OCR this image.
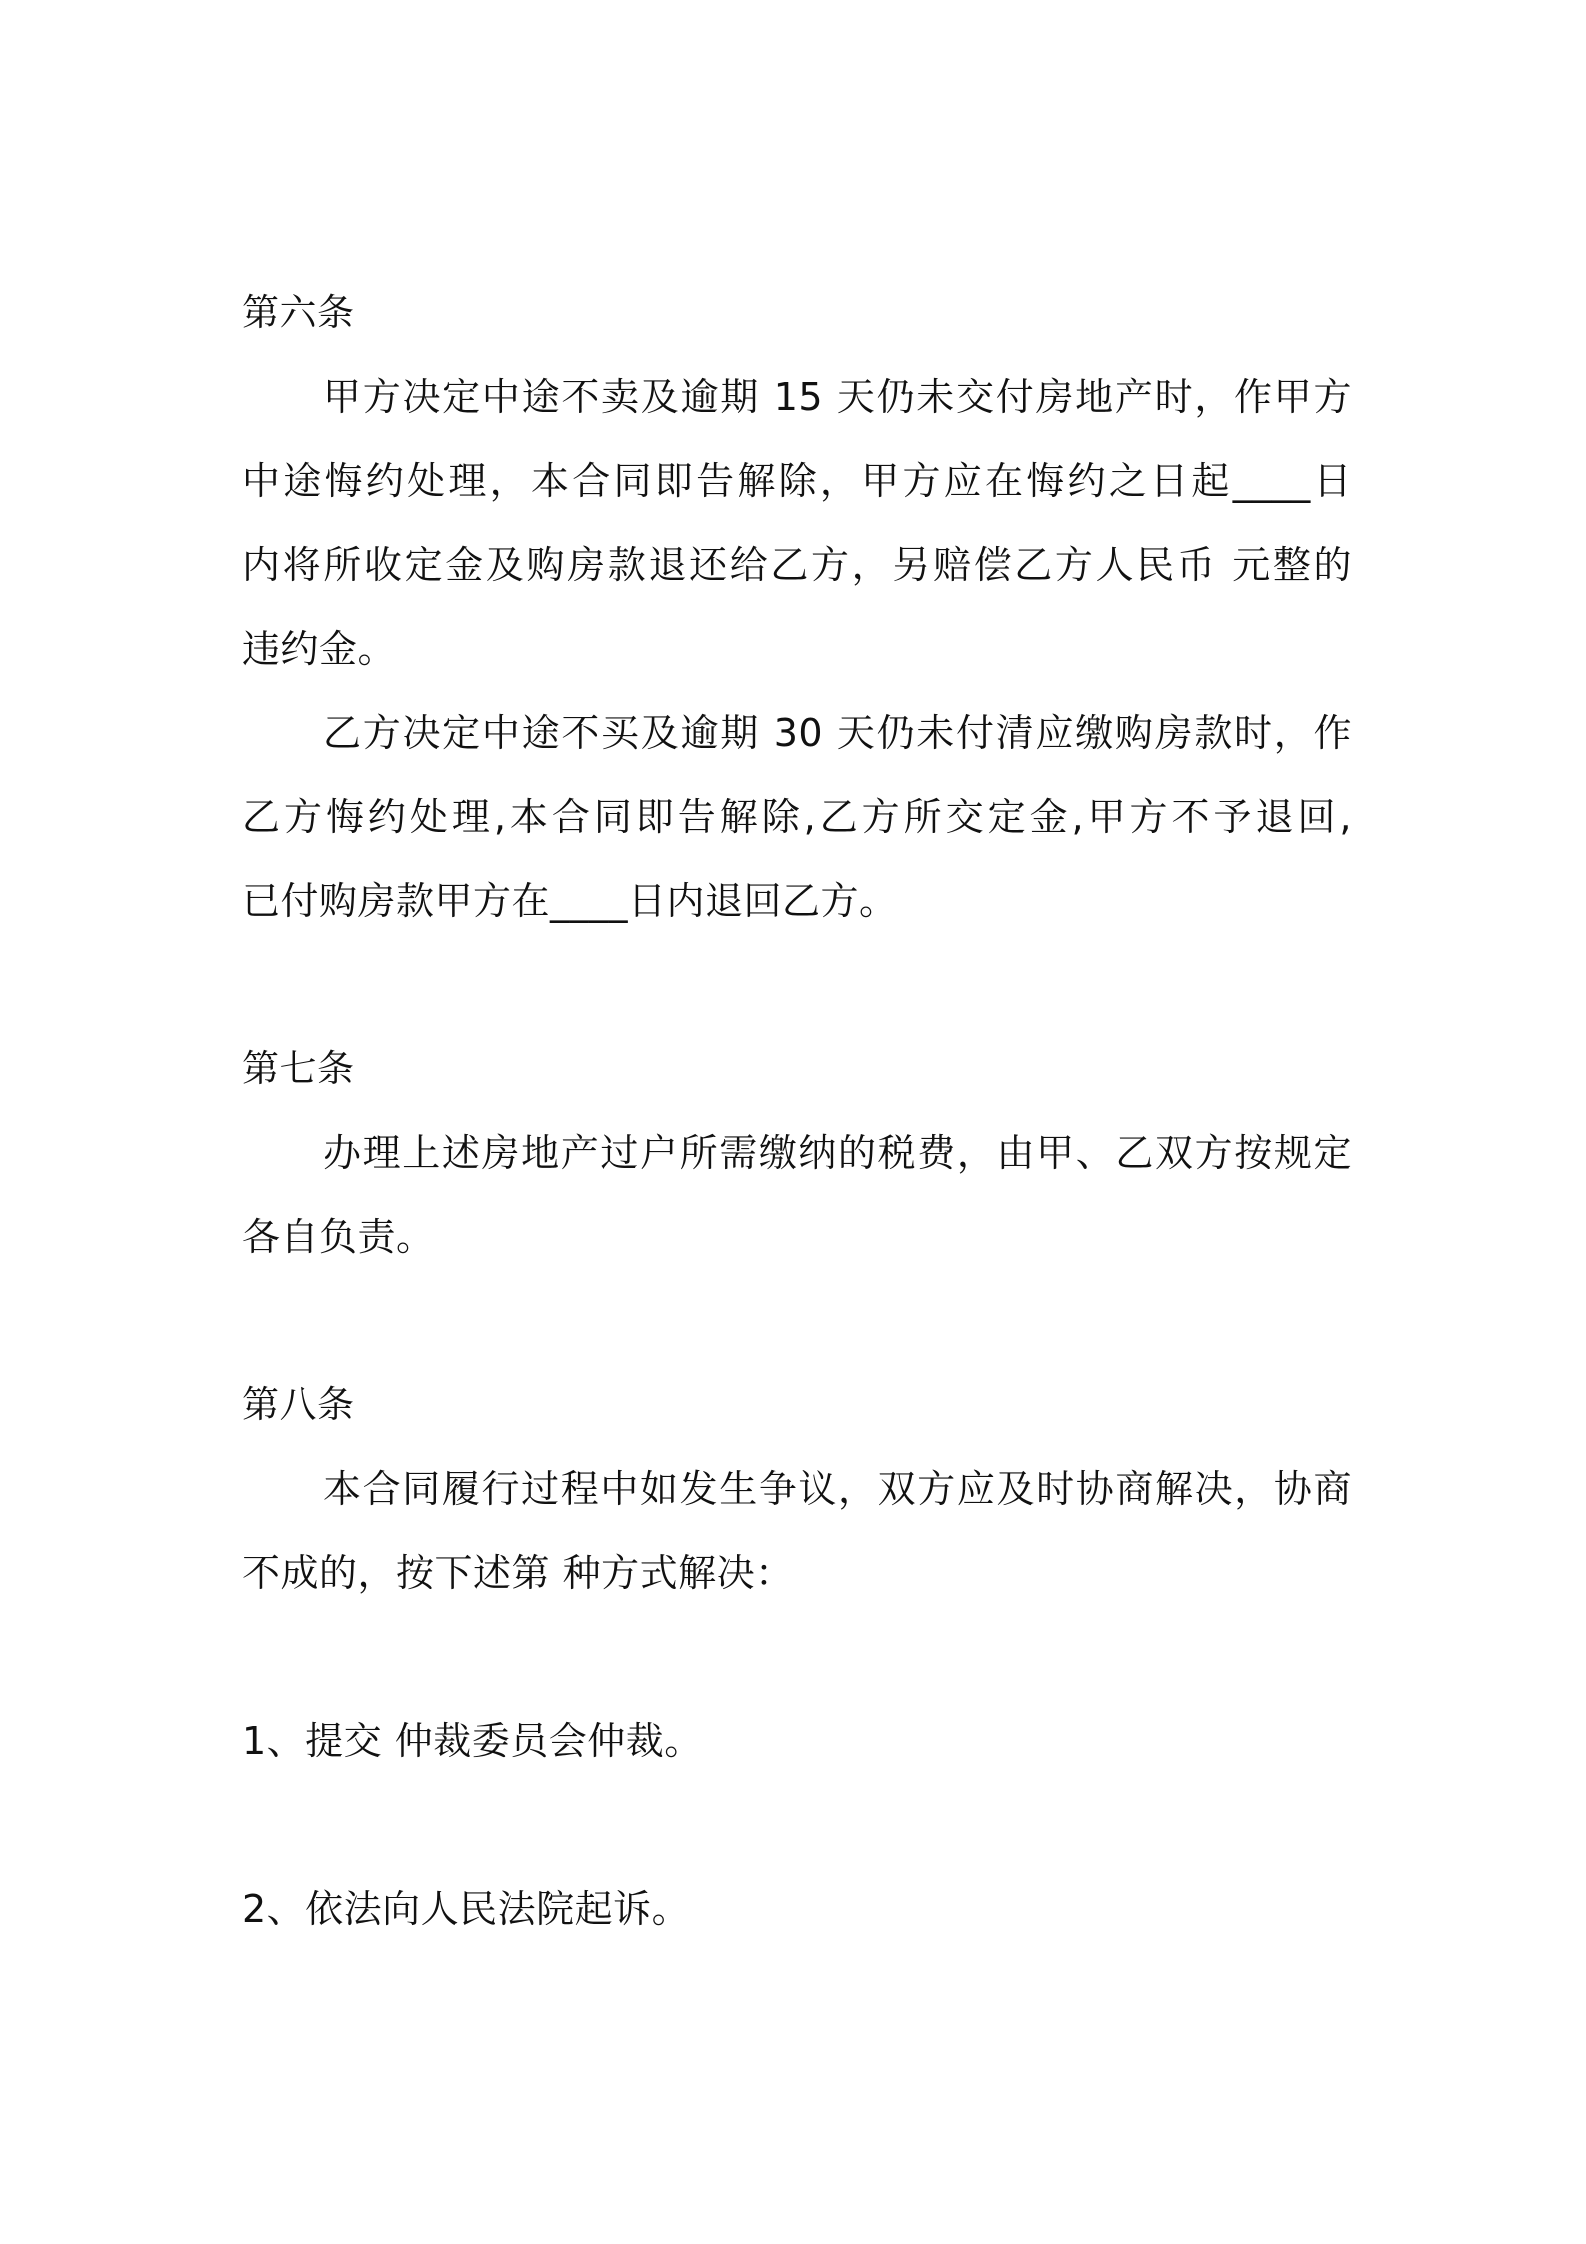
第六条
甲方决定中途不卖及逾期 15 天仍未交付房地产时，作甲方
中途悔约处理，本合同即告解除，甲方应在悔约之日起____日
内将所收定金及购房款退还给乙方，另赔偿乙方人民币 元整的
违约金。
乙方决定中途不买及逾期 30 天仍未付清应缴购房款时，作
乙方悔约处理,本合同即告解除,乙方所交定金,甲方不予退回,
已付购房款甲方在____日内退回乙方。
第七条
办理上述房地产过户所需缴纳的税费，由甲、乙双方按规定
各自负责。
第八条
本合同履行过程中如发生争议，双方应及时协商解决，协商
不成的，按下述第 种方式解决：
1、提交 仲裁委员会仲裁。
2、依法向人民法院起诉。
